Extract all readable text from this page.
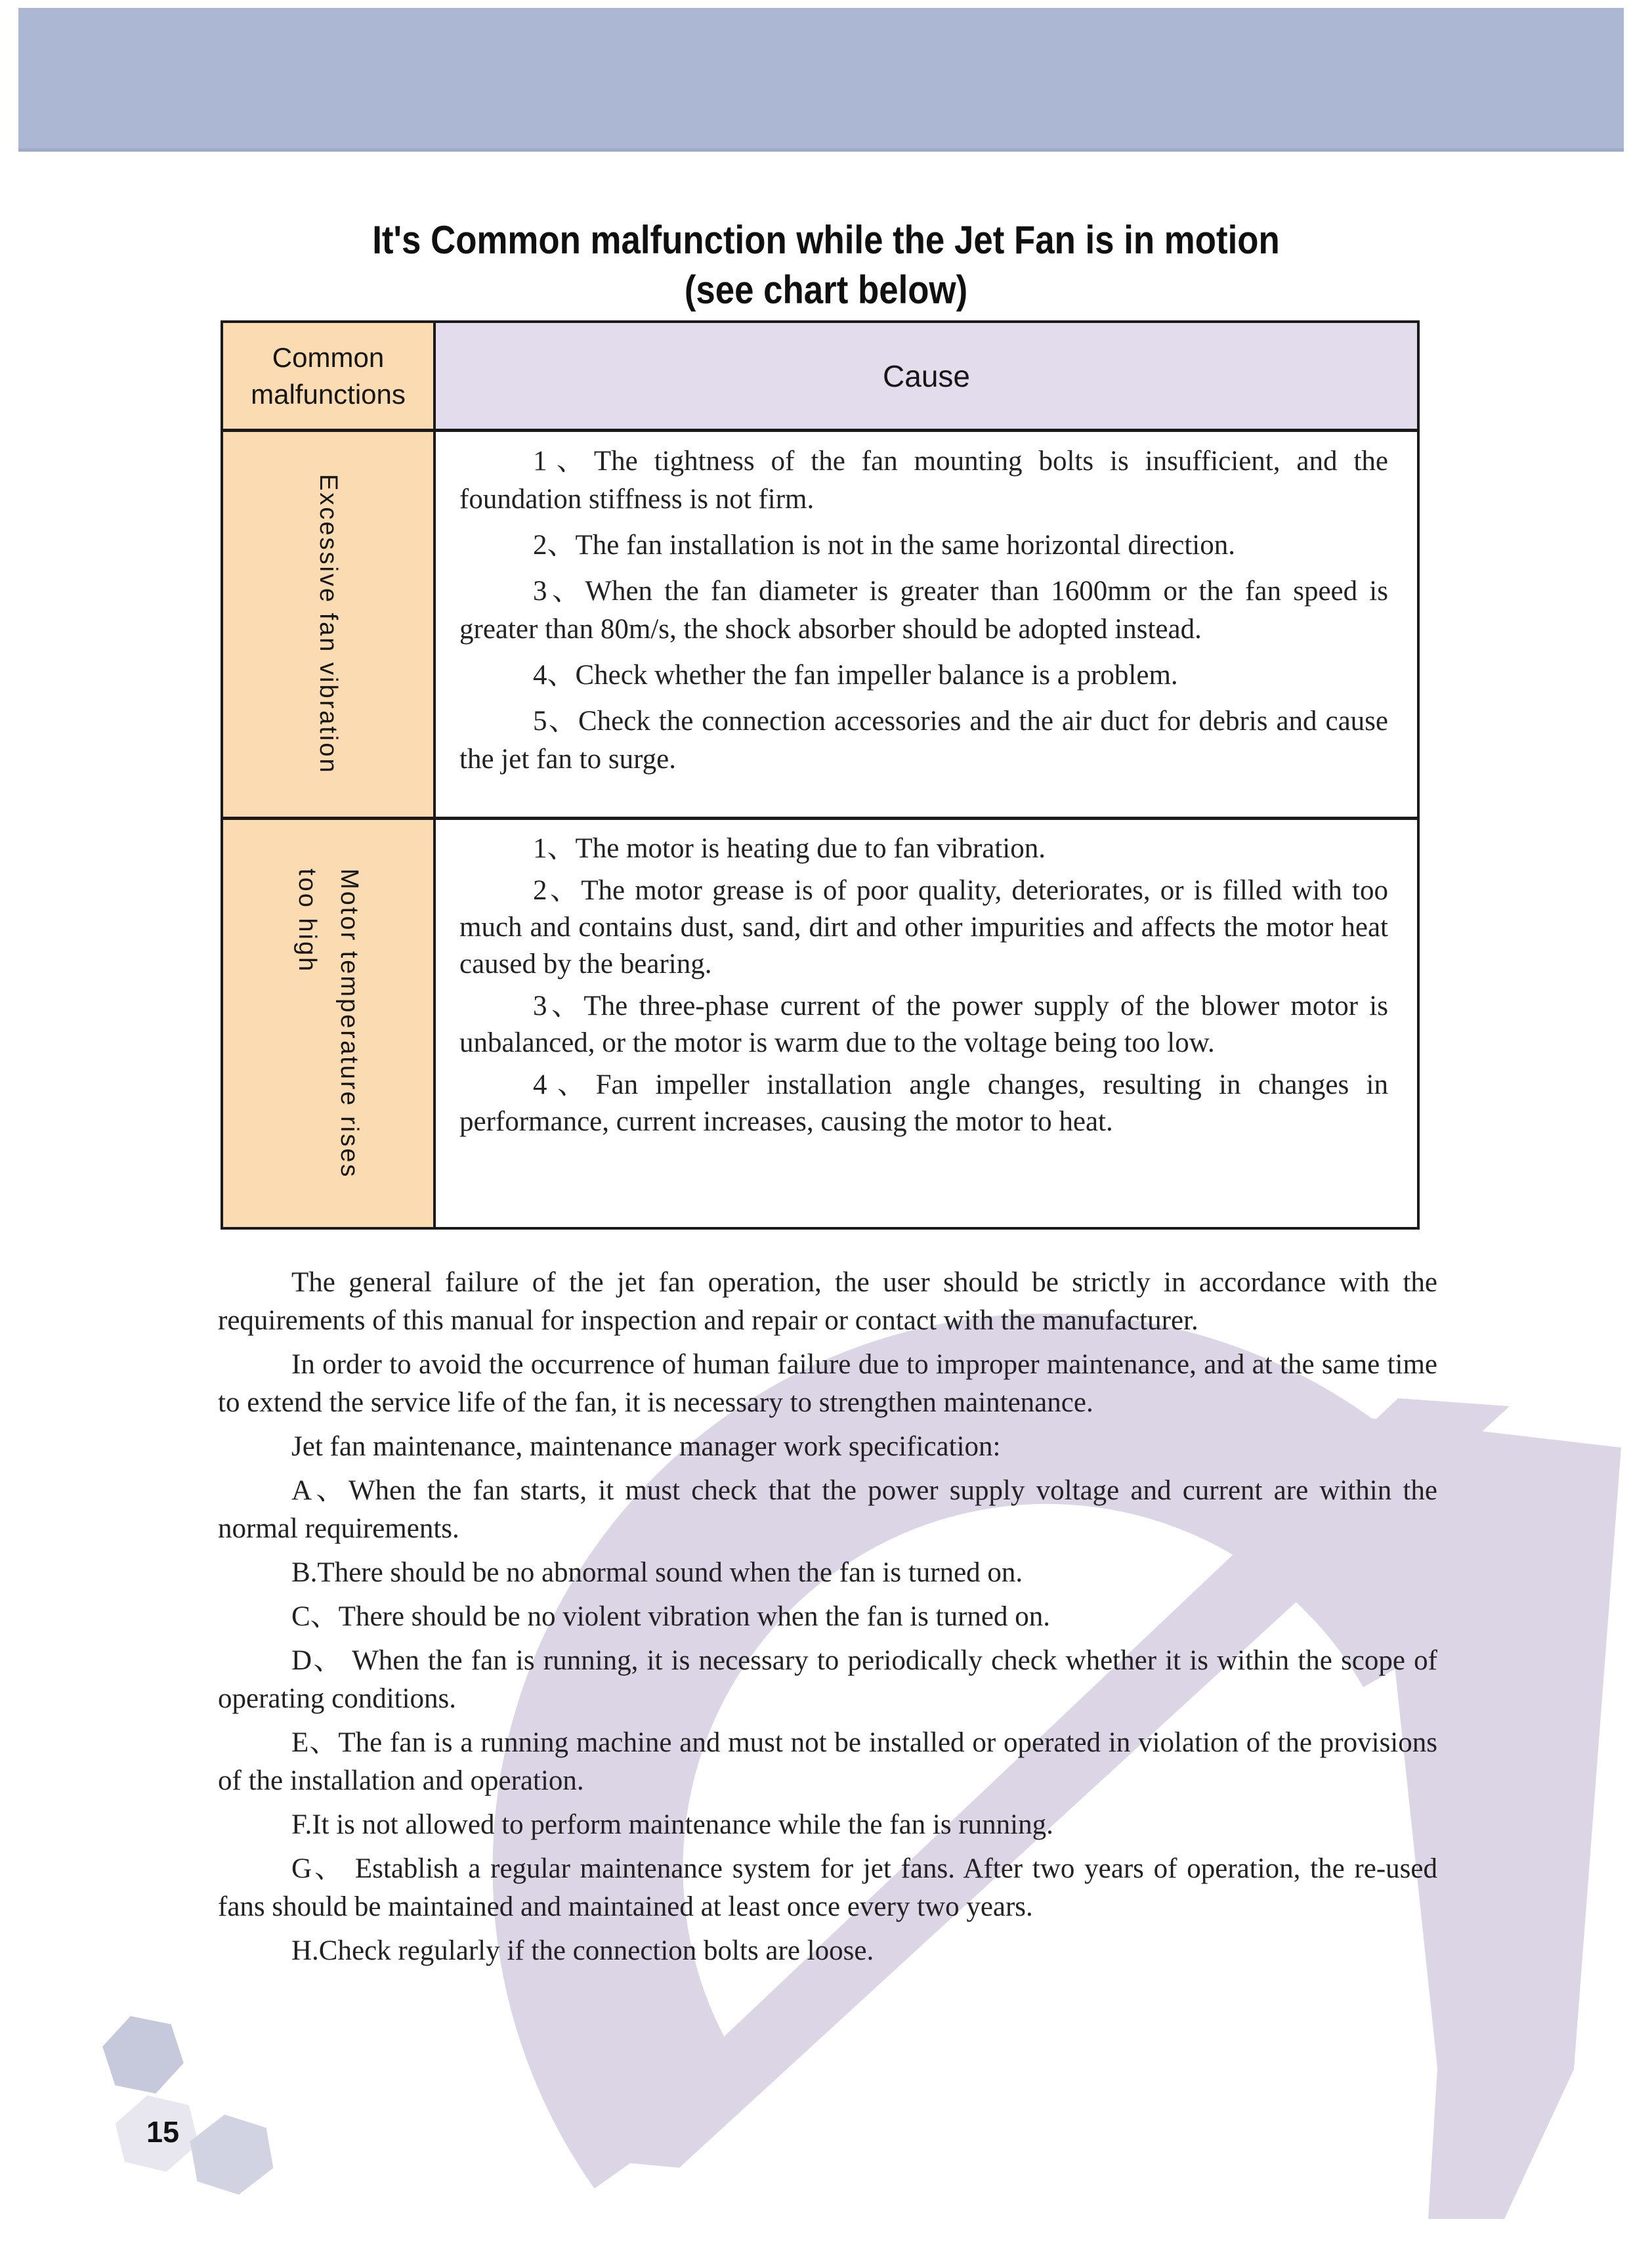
It's Common malfunction while the Jet Fan is in motion
(see chart below)
Common malfunctions
Cause
Excessive fan vibration

1、The tightness of the fan mounting bolts is insufficient, and the foundation stiffness is not firm.

2、The fan installation is not in the same horizontal direction.

3、When the fan diameter is greater than 1600mm or the fan speed is greater than 80m/s, the shock absorber should be adopted instead.

4、Check whether the fan impeller balance is a problem.

5、Check the connection accessories and the air duct for debris and cause the jet fan to surge.

Motor temperature rises
too high

1、The motor is heating due to fan vibration.

2、The motor grease is of poor quality, deteriorates, or is filled with too much and contains dust, sand, dirt and other impurities and affects the motor heat caused by the bearing.

3、The three-phase current of the power supply of the blower motor is unbalanced, or the motor is warm due to the voltage being too low.

4、Fan impeller installation angle changes, resulting in changes in performance, current increases, causing the motor to heat.

The general failure of the jet fan operation, the user should be strictly in accordance with the requirements of this manual for inspection and repair or contact with the manufacturer.

In order to avoid the occurrence of human failure due to improper maintenance, and at the same time to extend the service life of the fan, it is necessary to strengthen maintenance.

Jet fan maintenance, maintenance manager work specification:

A、When the fan starts, it must check that the power supply voltage and current are within the normal requirements.

B.There should be no abnormal sound when the fan is turned on.

C、There should be no violent vibration when the fan is turned on.

D、 When the fan is running, it is necessary to periodically check whether it is within the scope of operating conditions.

E、The fan is a running machine and must not be installed or operated in violation of the provisions of the installation and operation.

F.It is not allowed to perform maintenance while the fan is running.

G、 Establish a regular maintenance system for jet fans. After two years of operation, the re-used fans should be maintained and maintained at least once every two years.

H.Check regularly if the connection bolts are loose.

15
